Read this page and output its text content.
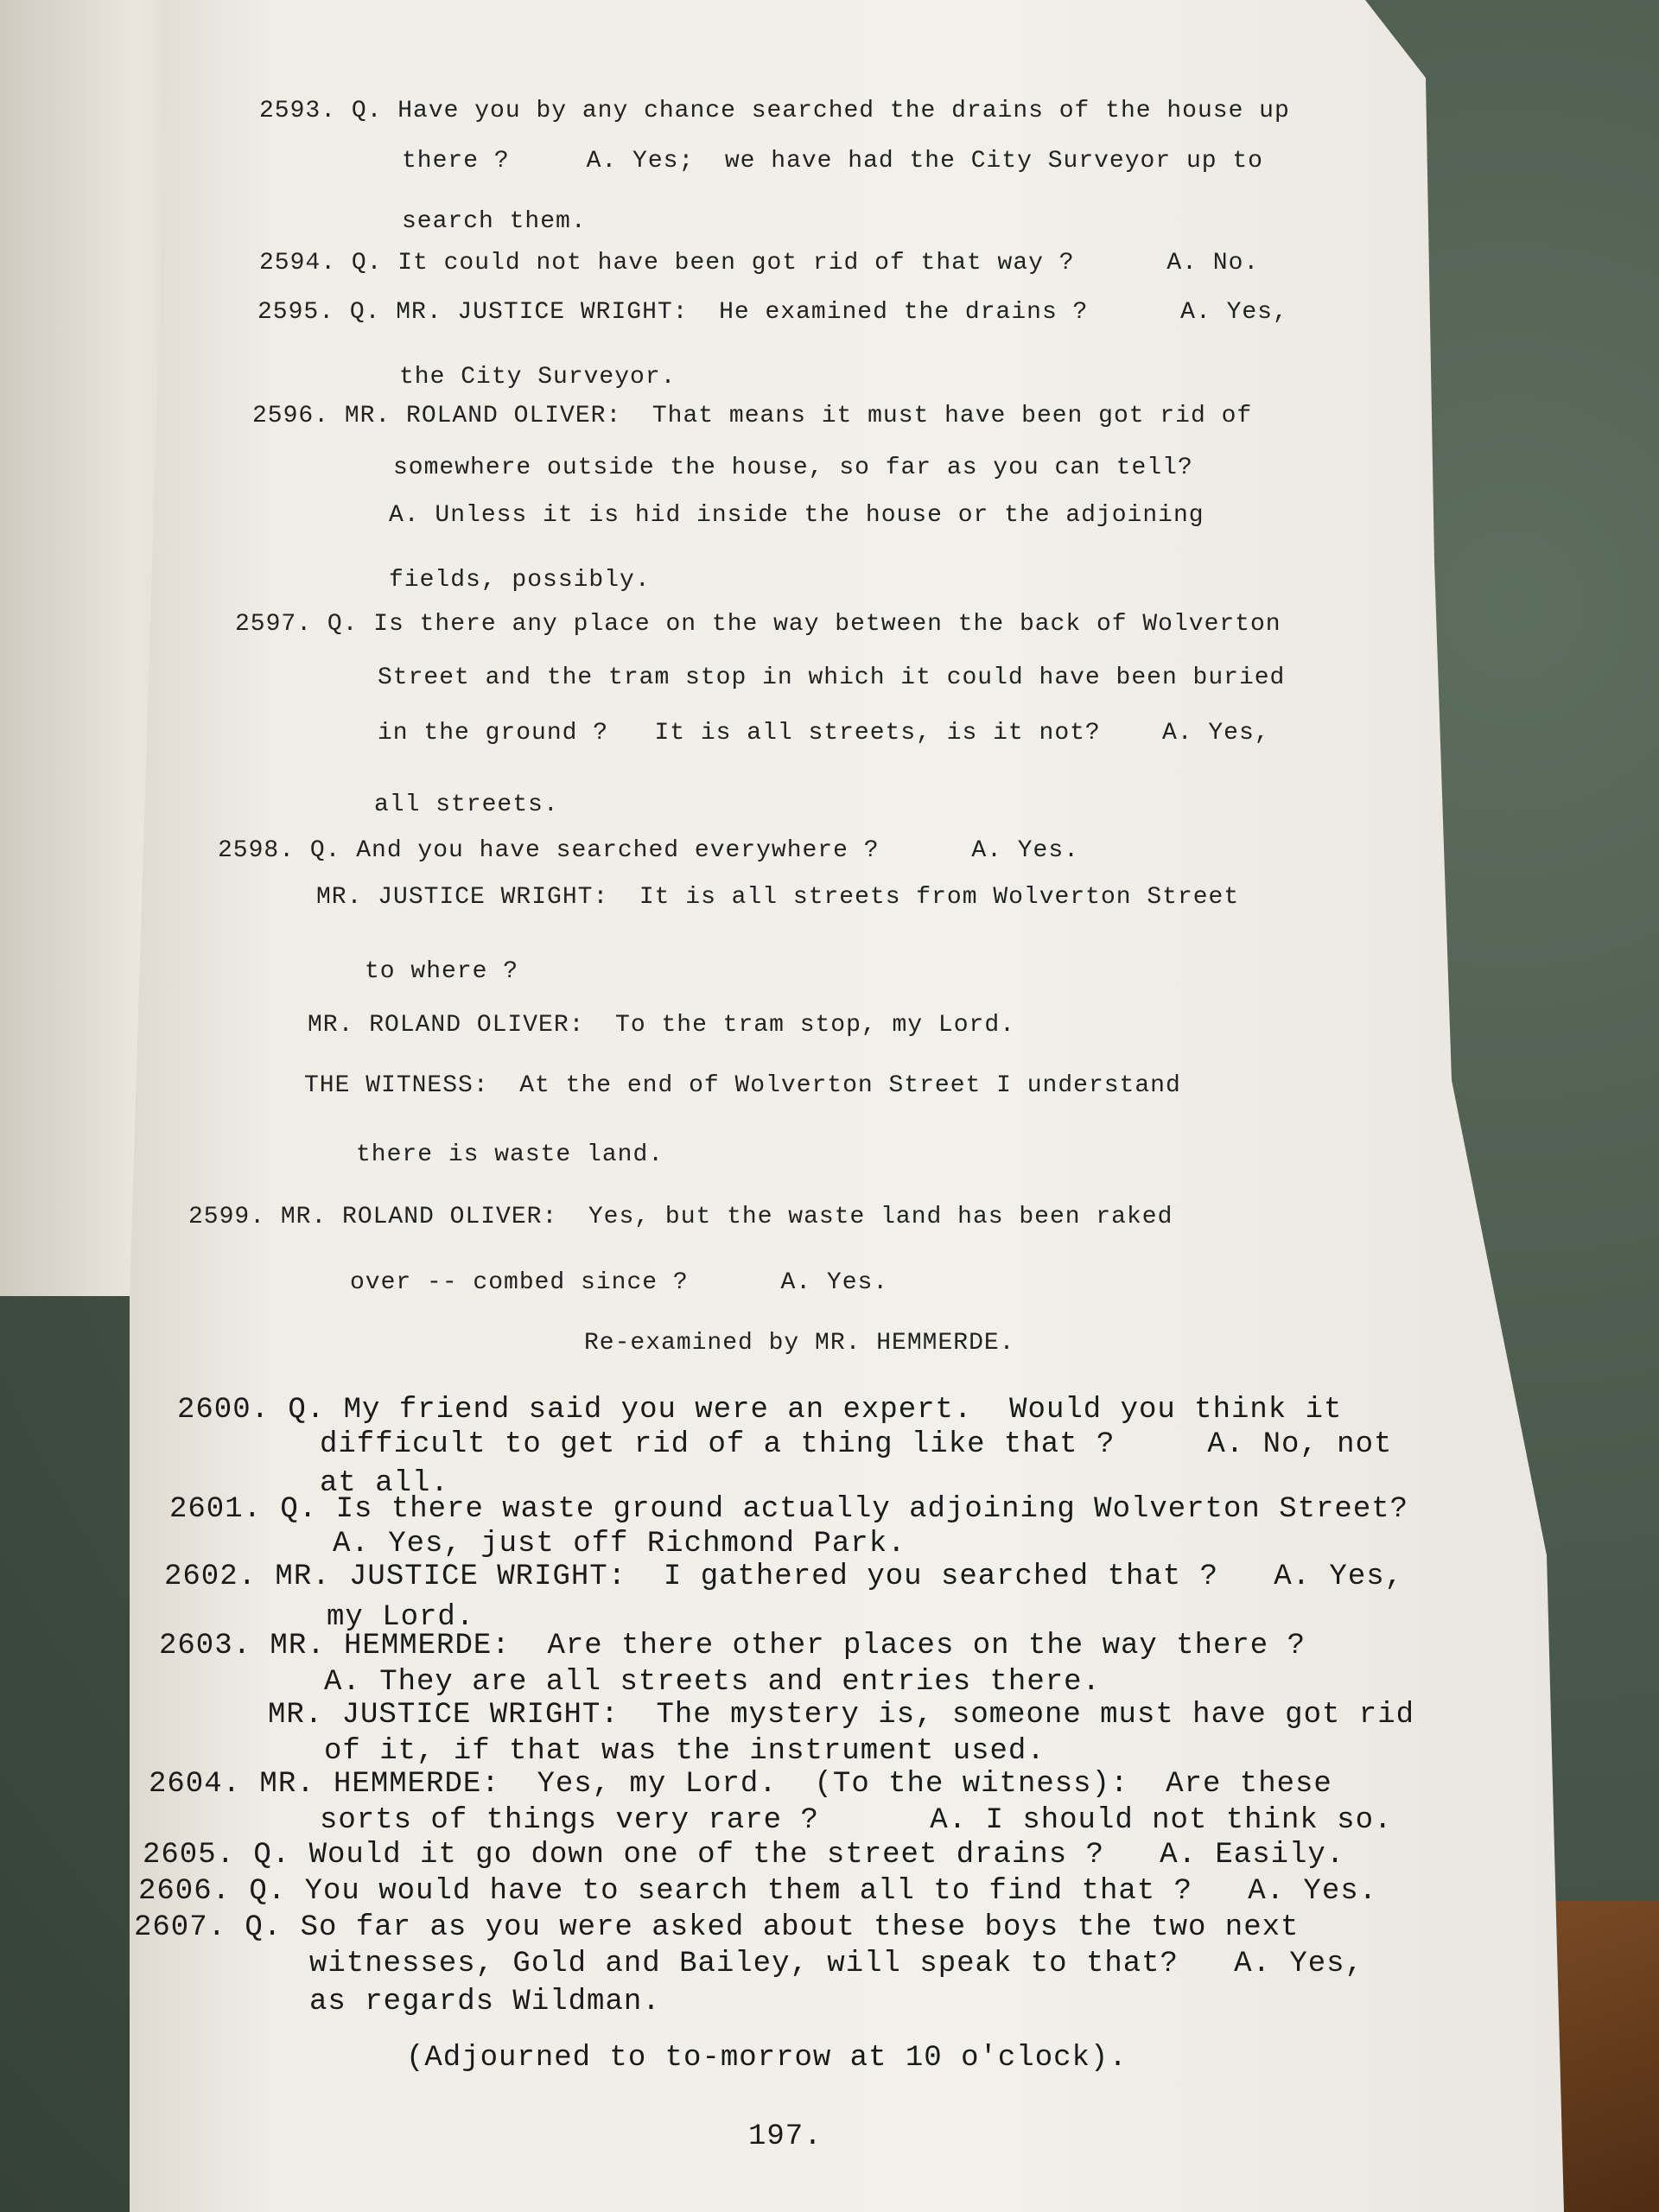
2593. Q. Have you by any chance searched the drains of the house up
there ?     A. Yes;  we have had the City Surveyor up to
search them.
2594. Q. It could not have been got rid of that way ?      A. No.
2595. Q. MR. JUSTICE WRIGHT:  He examined the drains ?      A. Yes,
the City Surveyor.
2596. MR. ROLAND OLIVER:  That means it must have been got rid of
somewhere outside the house, so far as you can tell?
A. Unless it is hid inside the house or the adjoining
fields, possibly.
2597. Q. Is there any place on the way between the back of Wolverton
Street and the tram stop in which it could have been buried
in the ground ?   It is all streets, is it not?    A. Yes,
all streets.
2598. Q. And you have searched everywhere ?      A. Yes.
MR. JUSTICE WRIGHT:  It is all streets from Wolverton Street
to where ?
MR. ROLAND OLIVER:  To the tram stop, my Lord.
THE WITNESS:  At the end of Wolverton Street I understand
there is waste land.
2599. MR. ROLAND OLIVER:  Yes, but the waste land has been raked
over -- combed since ?      A. Yes.
Re-examined by MR. HEMMERDE.
2600. Q. My friend said you were an expert.  Would you think it
difficult to get rid of a thing like that ?     A. No, not
at all.
2601. Q. Is there waste ground actually adjoining Wolverton Street?
A. Yes, just off Richmond Park.
2602. MR. JUSTICE WRIGHT:  I gathered you searched that ?   A. Yes,
my Lord.
2603. MR. HEMMERDE:  Are there other places on the way there ?
A. They are all streets and entries there.
MR. JUSTICE WRIGHT:  The mystery is, someone must have got rid
of it, if that was the instrument used.
2604. MR. HEMMERDE:  Yes, my Lord.  (To the witness):  Are these
sorts of things very rare ?      A. I should not think so.
2605. Q. Would it go down one of the street drains ?   A. Easily.
2606. Q. You would have to search them all to find that ?   A. Yes.
2607. Q. So far as you were asked about these boys the two next
witnesses, Gold and Bailey, will speak to that?   A. Yes,
as regards Wildman.
(Adjourned to to-morrow at 10 o'clock).
197.
